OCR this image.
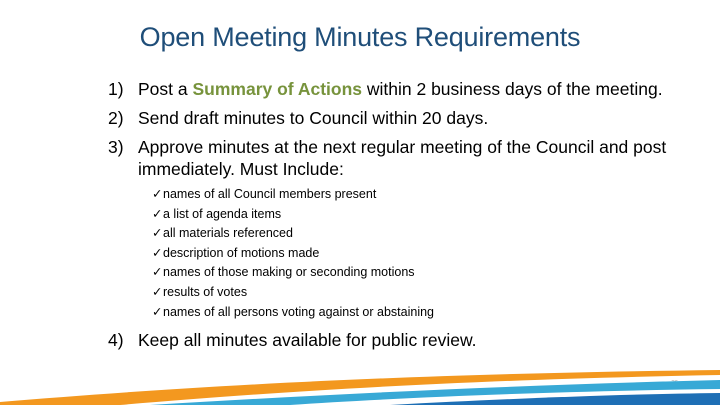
Open Meeting Minutes Requirements
1) Post a Summary of Actions within 2 business days of the meeting.
2) Send draft minutes to Council within 20 days.
3) Approve minutes at the next regular meeting of the Council and post immediately. Must Include:
✓names of all Council members present
✓a list of agenda items
✓all materials referenced
✓description of motions made
✓names of those making or seconding motions
✓results of votes
✓names of all persons voting against or abstaining
4) Keep all minutes available for public review.
